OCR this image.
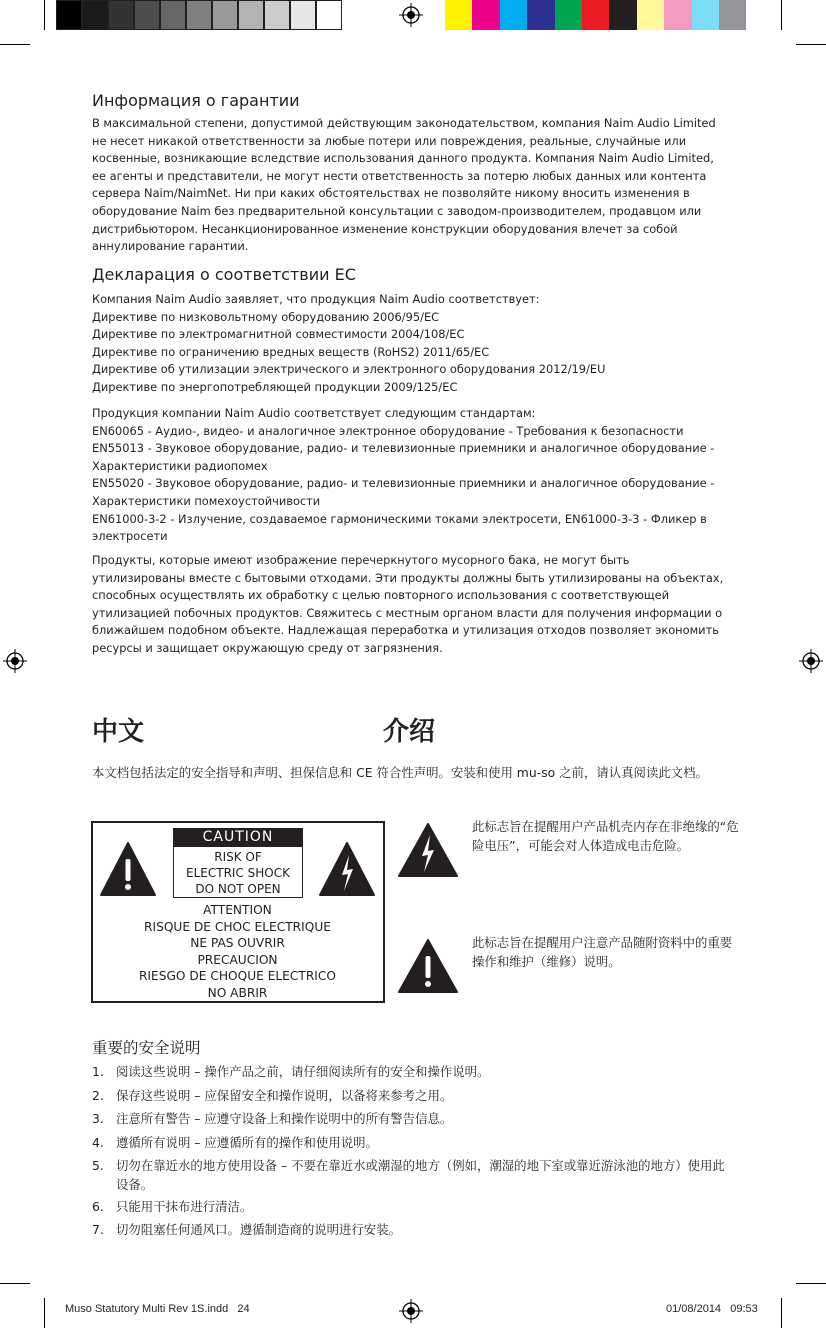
Информация о гарантии
В максимальной степени, допустимой действующим законодательством, компания Naim Audio Limited
не несет никакой ответственности за любые потери или повреждения, реальные, случайные или
косвенные, возникающие вследствие использования данного продукта. Компания Naim Audio Limited,
ее агенты и представители, не могут нести ответственность за потерю любых данных или контента
сервера Naim/NaimNet. Ни при каких обстоятельствах не позволяйте никому вносить изменения в
оборудование Naim без предварительной консультации с заводом-производителем, продавцом или
дистрибьютором. Несанкционированное изменение конструкции оборудования влечет за собой
аннулирование гарантии.
Декларация о соответствии ЕС
Компания Naim Audio заявляет, что продукция Naim Audio соответствует:
Директиве по низковольтному оборудованию 2006/95/EC
Директиве по электромагнитной совместимости 2004/108/EC
Директиве по ограничению вредных веществ (RoHS2) 2011/65/EC
Директиве об утилизации электрического и электронного оборудования 2012/19/EU
Директиве по энергопотребляющей продукции 2009/125/EC
Продукция компании Naim Audio соответствует следующим стандартам:
EN60065 - Аудио-, видео- и аналогичное электронное оборудование - Требования к безопасности
EN55013 - Звуковое оборудование, радио- и телевизионные приемники и аналогичное оборудование -
Характеристики радиопомех
EN55020 - Звуковое оборудование, радио- и телевизионные приемники и аналогичное оборудование -
Характеристики помехоустойчивости
EN61000-3-2 - Излучение, создаваемое гармоническими токами электросети, EN61000-3-3 - Фликер в
электросети
Продукты, которые имеют изображение перечеркнутого мусорного бака, не могут быть
утилизированы вместе с бытовыми отходами. Эти продукты должны быть утилизированы на объектах,
способных осуществлять их обработку с целью повторного использования с соответствующей
утилизацией побочных продуктов. Свяжитесь с местным органом власти для получения информации о
ближайшем подобном объекте. Надлежащая переработка и утилизация отходов позволяет экономить
ресурсы и защищает окружающую среду от загрязнения.
中文	介绍
本文档包括法定的安全指导和声明、担保信息和 CE 符合性声明。安装和使用 mu-so 之前，请认真阅读此文档。
CAUTION
RISK OF
ELECTRIC SHOCK
DO NOT OPEN
ATTENTION
RISQUE DE CHOC ELECTRIQUE
NE PAS OUVRIR
PRECAUCION
RIESGO DE CHOQUE ELECTRICO
NO ABRIR
此标志旨在提醒用户产品机壳内存在非绝缘的“危险电压”，可能会对人体造成电击危险。
此标志旨在提醒用户注意产品随附资料中的重要操作和维护（维修）说明。
重要的安全说明
1. 阅读这些说明 – 操作产品之前，请仔细阅读所有的安全和操作说明。
2. 保存这些说明 – 应保留安全和操作说明，以备将来参考之用。
3. 注意所有警告 – 应遵守设备上和操作说明中的所有警告信息。
4. 遵循所有说明 – 应遵循所有的操作和使用说明。
5. 切勿在靠近水的地方使用设备 – 不要在靠近水或潮湿的地方（例如，潮湿的地下室或靠近游泳池的地方）使用此设备。
6. 只能用干抹布进行清洁。
7. 切勿阻塞任何通风口。遵循制造商的说明进行安装。
Muso Statutory Multi Rev 1S.indd   24	01/08/2014   09:53
